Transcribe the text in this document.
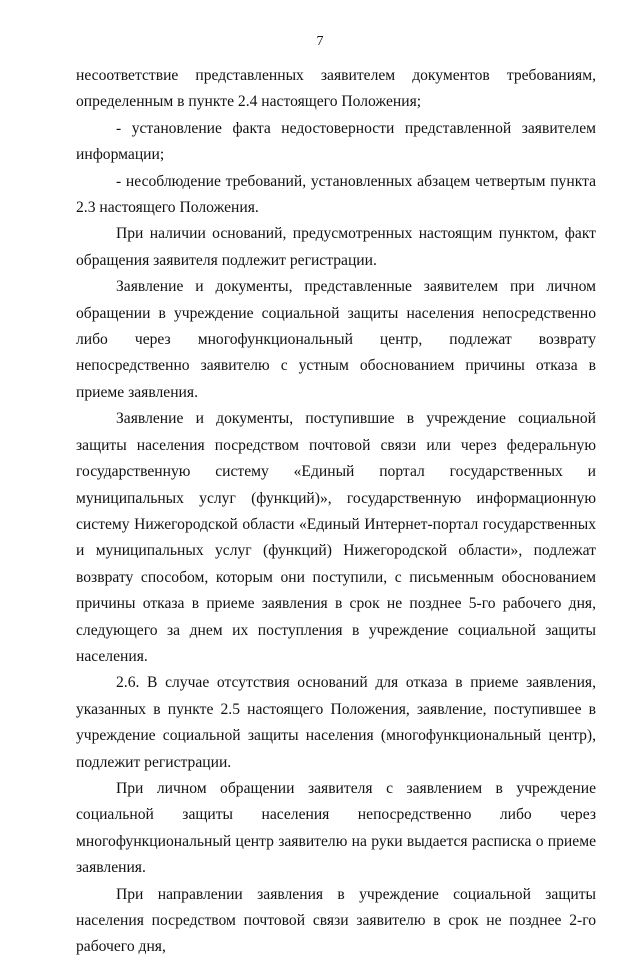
7

несоответствие представленных заявителем документов требованиям, определенным в пункте 2.4 настоящего Положения;

- установление факта недостоверности представленной заявителем информации;

- несоблюдение требований, установленных абзацем четвертым пункта 2.3 настоящего Положения.

При наличии оснований, предусмотренных настоящим пунктом, факт обращения заявителя подлежит регистрации.

Заявление и документы, представленные заявителем при личном обращении в учреждение социальной защиты населения непосредственно либо через многофункциональный центр, подлежат возврату непосредственно заявителю с устным обоснованием причины отказа в приеме заявления.

Заявление и документы, поступившие в учреждение социальной защиты населения посредством почтовой связи или через федеральную государственную систему «Единый портал государственных и муниципальных услуг (функций)», государственную информационную систему Нижегородской области «Единый Интернет-портал государственных и муниципальных услуг (функций) Нижегородской области», подлежат возврату способом, которым они поступили, с письменным обоснованием причины отказа в приеме заявления в срок не позднее 5-го рабочего дня, следующего за днем их поступления в учреждение социальной защиты населения.

2.6. В случае отсутствия оснований для отказа в приеме заявления, указанных в пункте 2.5 настоящего Положения, заявление, поступившее в учреждение социальной защиты населения (многофункциональный центр), подлежит регистрации.

При личном обращении заявителя с заявлением в учреждение социальной защиты населения непосредственно либо через многофункциональный центр заявителю на руки выдается расписка о приеме заявления.

При направлении заявления в учреждение социальной защиты населения посредством почтовой связи заявителю в срок не позднее 2-го рабочего дня,
